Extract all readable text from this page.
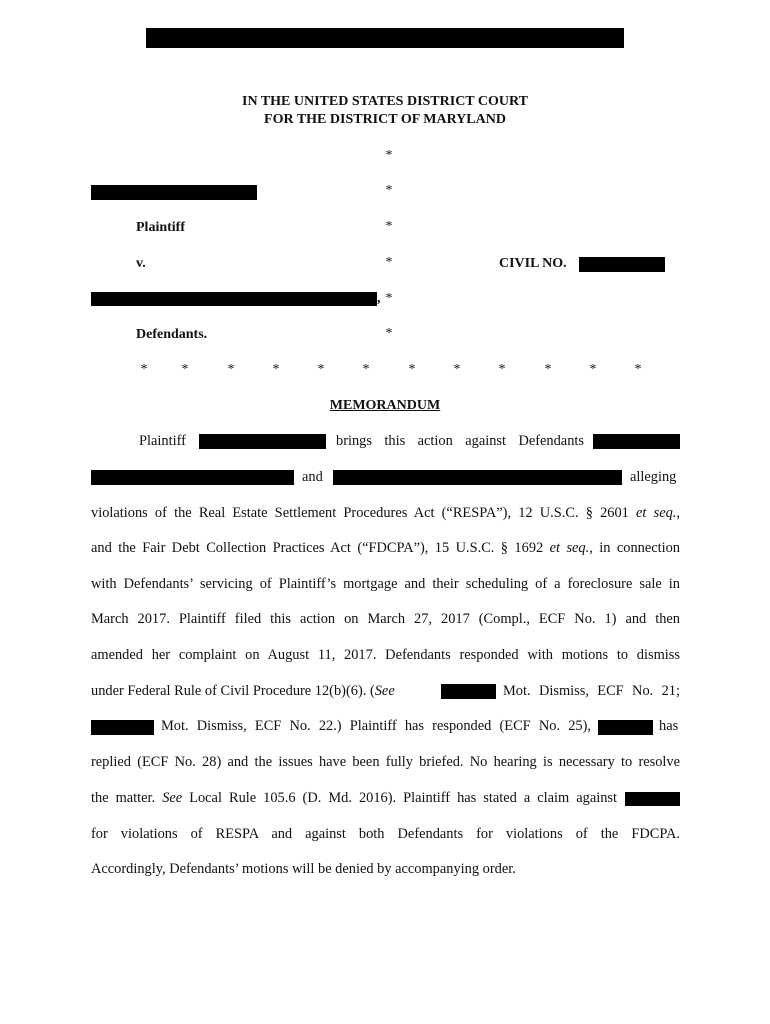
IN THE UNITED STATES DISTRICT COURT
FOR THE DISTRICT OF MARYLAND
*
*
*
*
*
*
Plaintiff
v.	CIVIL NO.
,
Defendants.
* *	*	*	*	*	*	*	*	*	*	*
MEMORANDUM
Plaintiff	brings this action against Defendants
and	alleging
violations of the Real Estate Settlement Procedures Act (“RESPA”), 12 U.S.C. § 2601 et seq.,
and the Fair Debt Collection Practices Act (“FDCPA”), 15 U.S.C. § 1692 et seq., in connection
with Defendants’ servicing of Plaintiff’s mortgage and their scheduling of a foreclosure sale in
March 2017. Plaintiff filed this action on March 27, 2017 (Compl., ECF No. 1) and then
amended her complaint on August 11, 2017. Defendants responded with motions to dismiss
under Federal Rule of Civil Procedure 12(b)(6). (See	Mot. Dismiss, ECF No. 21;
Mot. Dismiss, ECF No. 22.) Plaintiff has responded (ECF No. 25),	has
replied (ECF No. 28) and the issues have been fully briefed. No hearing is necessary to resolve
the matter. See Local Rule 105.6 (D. Md. 2016). Plaintiff has stated a claim against
for violations of RESPA and against both Defendants for violations of the FDCPA.
Accordingly, Defendants’ motions will be denied by accompanying order.
